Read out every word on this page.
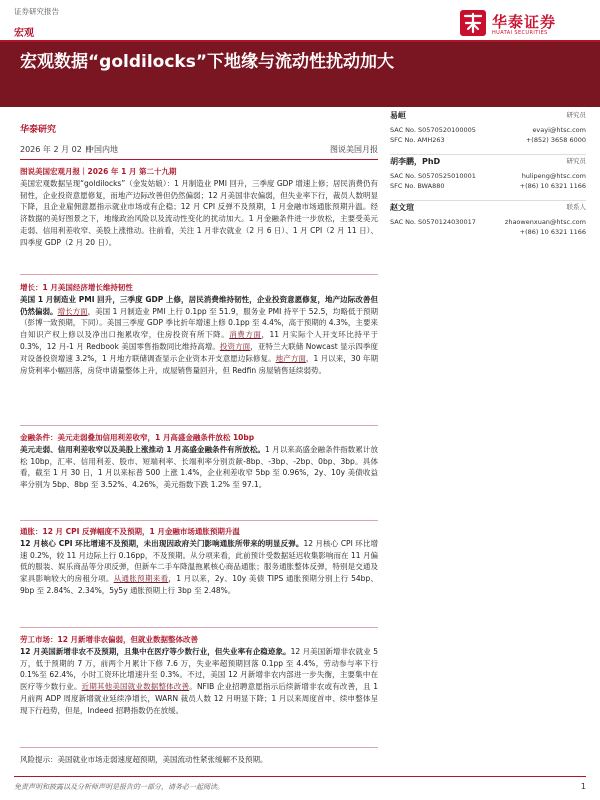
证券研究报告
宏观
华泰证券
HUATAI SECURITIES
宏观数据“goldilocks”下地缘与流动性扰动加大
华泰研究
2026 年 2 月 02 日
中国内地	图说美国月报
图说美国宏观月报｜2026 年 1 月 第二十九期
美国宏观数据呈现“goldilocks”（金发姑娘）：1 月制造业 PMI 回升，三季度 GDP 增速上修；居民消费仍有韧性，企业投资意愿修复，而地产边际改善但仍然偏弱；12 月美国非农偏弱，但失业率下行，裁员人数明显下降，且企业雇佣意愿指示就业市场或有企稳；12 月 CPI 反弹不及预期，1 月金融市场通胀预期升温。经济数据的美好图景之下，地缘政治风险以及流动性变化的扰动加大。1 月金融条件进一步放松，主要受美元走弱、信用利差收窄、美股上涨推动。往前看，关注 1 月非农就业（2 月 6 日）、1 月 CPI（2 月 11 日）、四季度 GDP（2 月 20 日）。
增长：1 月美国经济增长维持韧性
美国 1 月制造业 PMI 回升，三季度 GDP 上修，居民消费维持韧性，企业投资意愿修复，地产边际改善但仍然偏弱。增长方面，美国 1 月制造业 PMI 上行 0.1pp 至 51.9，服务业 PMI 持平于 52.5，均略低于预期（彭博一致预期，下同）。美国三季度 GDP 季比折年增速上修 0.1pp 至 4.4%，高于预期的 4.3%，主要来自知识产权上修以及净出口拖累收窄，住房投资有所下降。消费方面，11 月实际个人开支环比持平于 0.3%，12 月-1 月 Redbook 美国零售指数同比维持高增。投资方面，亚特兰大联储 Nowcast 显示四季度对设备投资增速 3.2%，1 月地方联储调查显示企业资本开支意愿边际修复。地产方面，1 月以来，30 年期房贷利率小幅回落，房贷申请量整体上升，成屋销售量回升，但 Redfin 房屋销售延续弱势。
金融条件：美元走弱叠加信用利差收窄，1 月高盛金融条件放松 10bp
美元走弱、信用利差收窄以及美股上涨推动 1 月高盛金融条件有所放松。1 月以来高盛金融条件指数累计放松 10bp，汇率、信用利差、股市、短端利率、长端利率分别贡献-8bp、-3bp、-2bp、0bp、3bp。具体看，截至 1 月 30 日，1 月以来标普 500 上涨 1.4%，企业利差收窄 5bp 至 0.96%，2y、10y 美债收益率分别为 5bp、8bp 至 3.52%、4.26%，美元指数下跌 1.2% 至 97.1。
通胀：12 月 CPI 反弹幅度不及预期，1 月金融市场通胀预期升温
12 月核心 CPI 环比增速不及预期，未出现因政府关门影响通胀所带来的明显反弹。12 月核心 CPI 环比增速 0.2%，较 11 月边际上行 0.16pp，不及预期。从分项来看，此前预计受数据延迟收集影响而在 11 月偏低的服装、娱乐商品等分项反弹，但新车二手车降温拖累核心商品通胀；服务通胀整体反弹，特别是交通及家具影响较大的房租分项。从通胀预期来看，1 月以来，2y、10y 美债 TIPS 通胀预期分别上行 54bp、9bp 至 2.84%、2.34%，5y5y 通胀预期上行 3bp 至 2.48%。
劳工市场：12 月新增非农偏弱，但就业数据整体改善
12 月美国新增非农不及预期，且集中在医疗等少数行业，但失业率有企稳迹象。12 月美国新增非农就业 5 万，低于预期的 7 万，前两个月累计下修 7.6 万，失业率超预期回落 0.1pp 至 4.4%，劳动参与率下行 0.1%至 62.4%，小时工资环比增速升至 0.3%。不过，美国 12 月新增非农内部进一步失衡，主要集中在医疗等少数行业。近期其他美国就业数据整体改善。NFIB 企业招聘意愿指示后续新增非农或有改善，且 1 月前两 ADP 周度新增就业延续净增长，WARN 裁员人数 12 月明显下降；1 月以来周度首申、续申整体呈现下行趋势，但是，Indeed 招聘指数仍在放缓。
风险提示：美国就业市场走弱速度超预期，美国流动性紧张缓解不及预期。
易峘	研究员
SAC No. S0570520100005	evayi@htsc.com
SFC No. AMH263	+(852) 3658 6000
胡李鹏，PhD	研究员
SAC No. S0570525010001	hulipeng@htsc.com
SFC No. BWA880	+(86) 10 6321 1166
赵文瑄	联系人
SAC No. S0570124030017	zhaowenxuan@htsc.com
+(86) 10 6321 1166
免责声明和披露以及分析师声明是报告的一部分，请务必一起阅读。	1
